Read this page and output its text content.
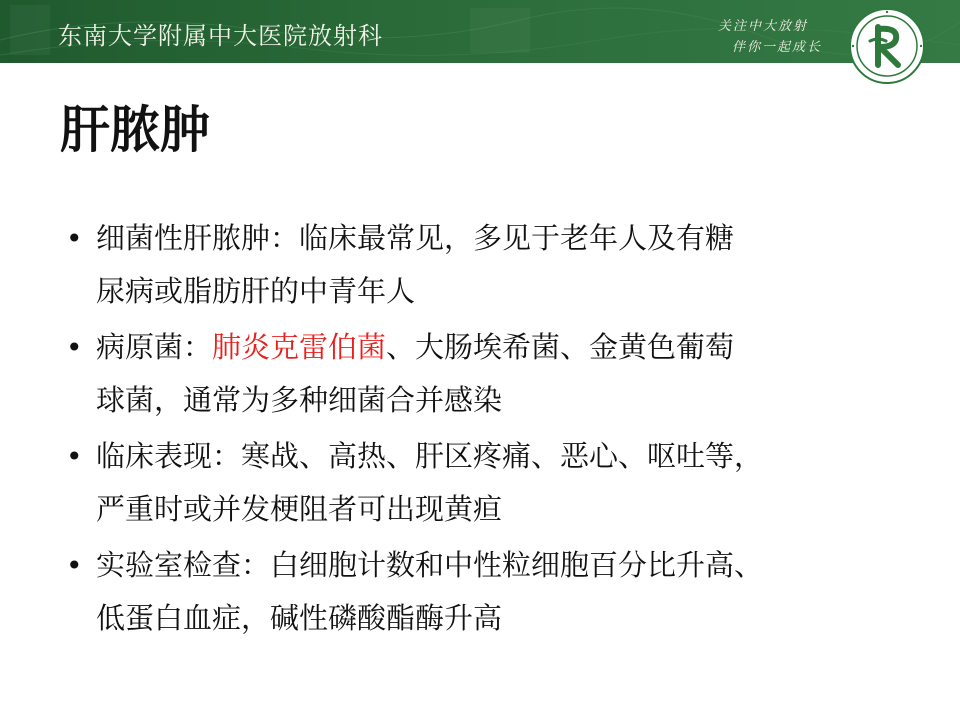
东南大学附属中大医院放射科	关注中大放射
伴你一起成长
肝脓肿
• 细菌性肝脓肿：临床最常见，多见于老年人及有糖
尿病或脂肪肝的中青年人
• 病原菌：肺炎克雷伯菌、大肠埃希菌、金黄色葡萄
球菌，通常为多种细菌合并感染
• 临床表现：寒战、高热、肝区疼痛、恶心、呕吐等，
严重时或并发梗阻者可出现黄疸
• 实验室检查：白细胞计数和中性粒细胞百分比升高、
低蛋白血症，碱性磷酸酯酶升高
